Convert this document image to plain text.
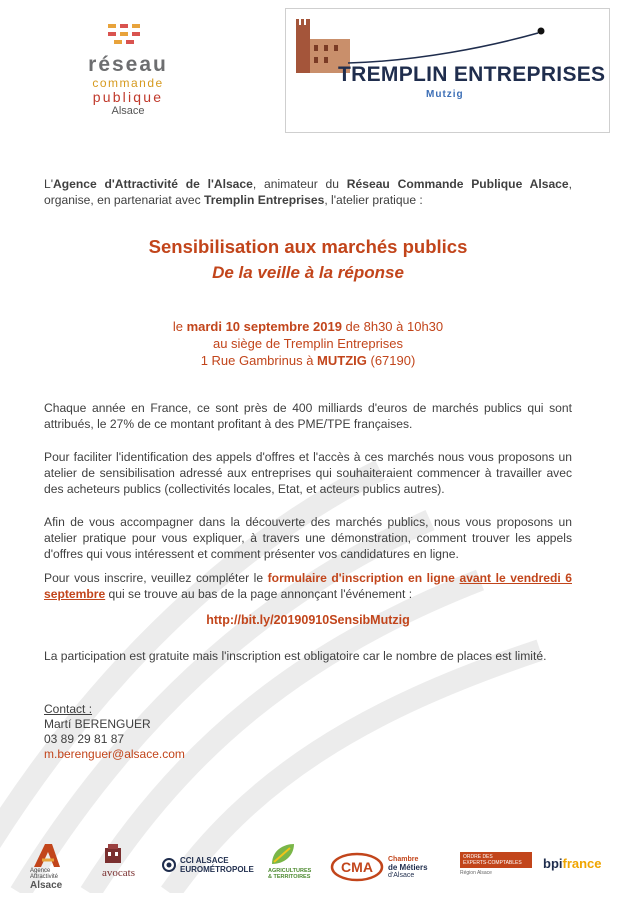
réseau
commande
publique
Alsace
TREMPLIN ENTREPRISES
Mutzig
L'Agence d'Attractivité de l'Alsace, animateur du Réseau Commande Publique Alsace, organise, en partenariat avec Tremplin Entreprises, l'atelier pratique :
Sensibilisation aux marchés publics
De la veille à la réponse
le mardi 10 septembre 2019 de 8h30 à 10h30
au siège de Tremplin Entreprises
1 Rue Gambrinus à MUTZIG (67190)
Chaque année en France, ce sont près de 400 milliards d'euros de marchés publics qui sont attribués, le 27% de ce montant profitant à des PME/TPE françaises.
Pour faciliter l'identification des appels d'offres et l'accès à ces marchés nous vous proposons un atelier de sensibilisation adressé aux entreprises qui souhaiteraient commencer à travailler avec des acheteurs publics (collectivités locales, Etat, et acteurs publics autres).
Afin de vous accompagner dans la découverte des marchés publics, nous vous proposons un atelier pratique pour vous expliquer, à travers une démonstration, comment trouver les appels d'offres qui vous intéressent et comment présenter vos candidatures en ligne.
Pour vous inscrire, veuillez compléter le formulaire d'inscription en ligne avant le vendredi 6 septembre qui se trouve au bas de la page annonçant l'événement :
http://bit.ly/20190910SensibMutzig
La participation est gratuite mais l'inscription est obligatoire car le nombre de places est limité.
Contact :
Martí BERENGUER
03 89 29 81 87
m.berenguer@alsace.com
Agence
Attractivité
Alsace
avocats
CCI ALSACE
EUROMÉTROPOLE	AGRICULTURES
& TERRITOIRES
CMA Chambre
de Métiers
d'Alsace
ORDRE DES
EXPERTS-COMPTABLES
Région Alsace
bpifrance
